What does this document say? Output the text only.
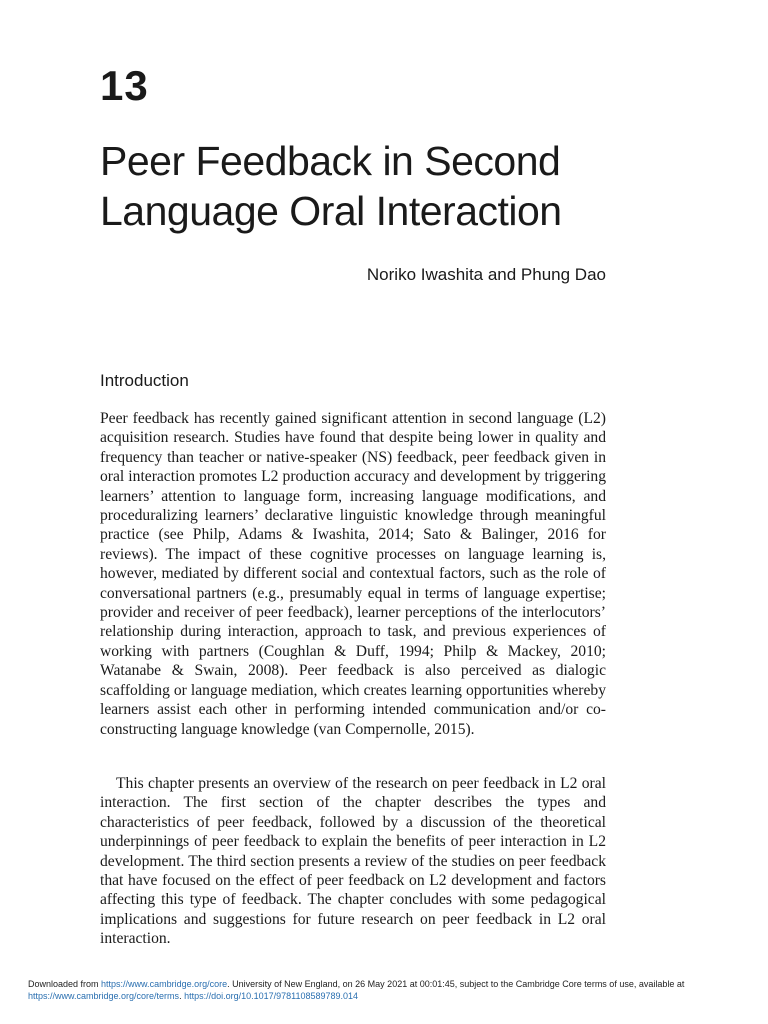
13
Peer Feedback in Second Language Oral Interaction
Noriko Iwashita and Phung Dao
Introduction
Peer feedback has recently gained significant attention in second language (L2) acquisition research. Studies have found that despite being lower in quality and frequency than teacher or native-speaker (NS) feedback, peer feedback given in oral interaction promotes L2 production accuracy and development by triggering learners’ attention to language form, increasing language modifications, and proceduralizing learners’ declarative linguistic knowledge through meaningful practice (see Philp, Adams & Iwashita, 2014; Sato & Balinger, 2016 for reviews). The impact of these cognitive processes on language learning is, however, mediated by different social and contextual factors, such as the role of conversational partners (e.g., presumably equal in terms of language expertise; provider and receiver of peer feedback), learner perceptions of the interlocutors’ relationship during interaction, approach to task, and previous experiences of working with partners (Coughlan & Duff, 1994; Philp & Mackey, 2010; Watanabe & Swain, 2008). Peer feedback is also perceived as dialogic scaffolding or language mediation, which creates learning opportunities whereby learners assist each other in performing intended communication and/or co-constructing language knowledge (van Compernolle, 2015).
This chapter presents an overview of the research on peer feedback in L2 oral interaction. The first section of the chapter describes the types and characteristics of peer feedback, followed by a discussion of the theoretical underpinnings of peer feedback to explain the benefits of peer interaction in L2 development. The third section presents a review of the studies on peer feedback that have focused on the effect of peer feedback on L2 development and factors affecting this type of feedback. The chapter concludes with some pedagogical implications and suggestions for future research on peer feedback in L2 oral interaction.
Downloaded from https://www.cambridge.org/core. University of New England, on 26 May 2021 at 00:01:45, subject to the Cambridge Core terms of use, available at https://www.cambridge.org/core/terms. https://doi.org/10.1017/9781108589789.014
